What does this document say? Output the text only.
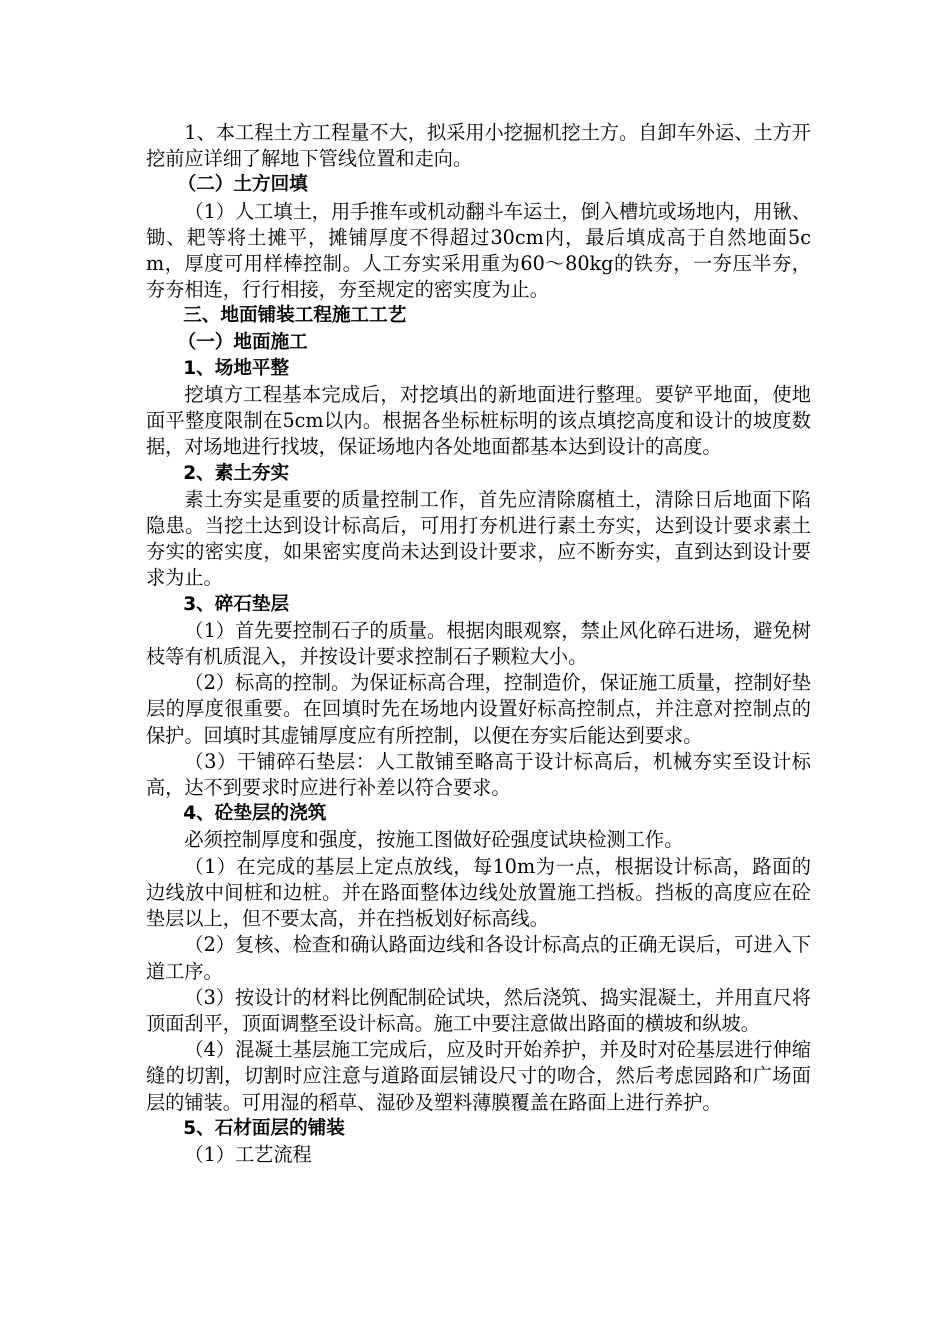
1、本工程土方工程量不大，拟采用小挖掘机挖土方。自卸车外运、土方开挖前应详细了解地下管线位置和走向。

（二）土方回填

（1）人工填土，用手推车或机动翻斗车运土，倒入槽坑或场地内，用锹、锄、耙等将土摊平，摊铺厚度不得超过30cm内，最后填成高于自然地面5cm，厚度可用样棒控制。人工夯实采用重为60～80kg的铁夯，一夯压半夯，夯夯相连，行行相接，夯至规定的密实度为止。

三、地面铺装工程施工工艺

（一）地面施工

1、场地平整

挖填方工程基本完成后，对挖填出的新地面进行整理。要铲平地面，使地面平整度限制在5cm以内。根据各坐标桩标明的该点填挖高度和设计的坡度数据，对场地进行找坡，保证场地内各处地面都基本达到设计的高度。

2、素土夯实

素土夯实是重要的质量控制工作，首先应清除腐植土，清除日后地面下陷隐患。当挖土达到设计标高后，可用打夯机进行素土夯实，达到设计要求素土夯实的密实度，如果密实度尚未达到设计要求，应不断夯实，直到达到设计要求为止。

3、碎石垫层

（1）首先要控制石子的质量。根据肉眼观察，禁止风化碎石进场，避免树枝等有机质混入，并按设计要求控制石子颗粒大小。

（2）标高的控制。为保证标高合理，控制造价，保证施工质量，控制好垫层的厚度很重要。在回填时先在场地内设置好标高控制点，并注意对控制点的保护。回填时其虚铺厚度应有所控制，以便在夯实后能达到要求。

（3）干铺碎石垫层：人工散铺至略高于设计标高后，机械夯实至设计标高，达不到要求时应进行补差以符合要求。

4、砼垫层的浇筑

必须控制厚度和强度，按施工图做好砼强度试块检测工作。

（1）在完成的基层上定点放线，每10m为一点，根据设计标高，路面的边线放中间桩和边桩。并在路面整体边线处放置施工挡板。挡板的高度应在砼垫层以上，但不要太高，并在挡板划好标高线。

（2）复核、检查和确认路面边线和各设计标高点的正确无误后，可进入下道工序。

（3）按设计的材料比例配制砼试块，然后浇筑、捣实混凝土，并用直尺将顶面刮平，顶面调整至设计标高。施工中要注意做出路面的横坡和纵坡。

（4）混凝土基层施工完成后，应及时开始养护，并及时对砼基层进行伸缩缝的切割，切割时应注意与道路面层铺设尺寸的吻合，然后考虑园路和广场面层的铺装。可用湿的稻草、湿砂及塑料薄膜覆盖在路面上进行养护。

5、石材面层的铺装

（1）工艺流程
